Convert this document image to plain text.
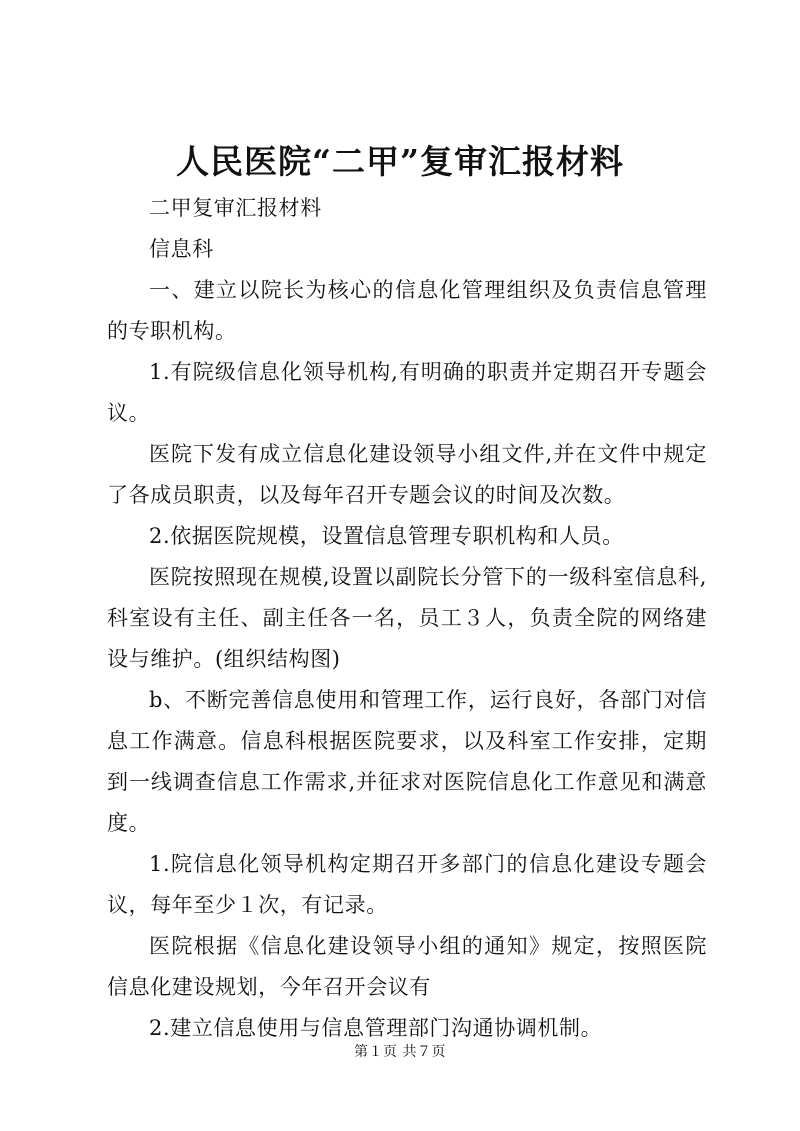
人民医院“二甲”复审汇报材料

二甲复审汇报材料

信息科

一、建立以院长为核心的信息化管理组织及负责信息管理的专职机构。

1.有院级信息化领导机构,有明确的职责并定期召开专题会议。

医院下发有成立信息化建设领导小组文件,并在文件中规定了各成员职责，以及每年召开专题会议的时间及次数。

2.依据医院规模，设置信息管理专职机构和人员。

医院按照现在规模,设置以副院长分管下的一级科室信息科,科室设有主任、副主任各一名，员工３人，负责全院的网络建设与维护。(组织结构图)

b、不断完善信息使用和管理工作，运行良好，各部门对信息工作满意。信息科根据医院要求，以及科室工作安排，定期到一线调查信息工作需求,并征求对医院信息化工作意见和满意度。

1.院信息化领导机构定期召开多部门的信息化建设专题会议，每年至少１次，有记录。

医院根据《信息化建设领导小组的通知》规定，按照医院信息化建设规划，今年召开会议有

2.建立信息使用与信息管理部门沟通协调机制。

第１页 共７页
